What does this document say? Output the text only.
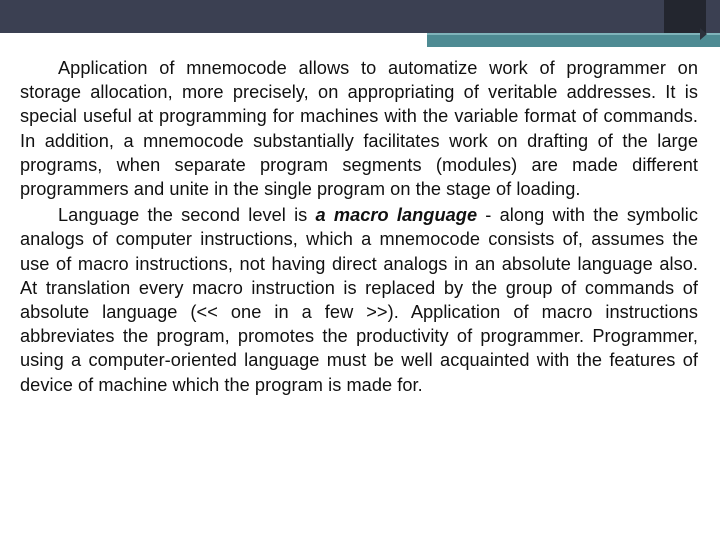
Application of mnemocode allows to automatize work of programmer on storage allocation, more precisely, on appropriating of veritable addresses. It is special useful at programming for machines with the variable format of commands. In addition, a mnemocode substantially facilitates work on drafting of the large programs, when separate program segments (modules) are made different programmers and unite in the single program on the stage of loading.

Language the second level is a macro language - along with the symbolic analogs of computer instructions, which a mnemocode consists of, assumes the use of macro instructions, not having direct analogs in an absolute language also. At translation every macro instruction is replaced by the group of commands of absolute language (<< one in a few >>). Application of macro instructions abbreviates the program, promotes the productivity of programmer. Programmer, using a computer-oriented language must be well acquainted with the features of device of machine which the program is made for.
